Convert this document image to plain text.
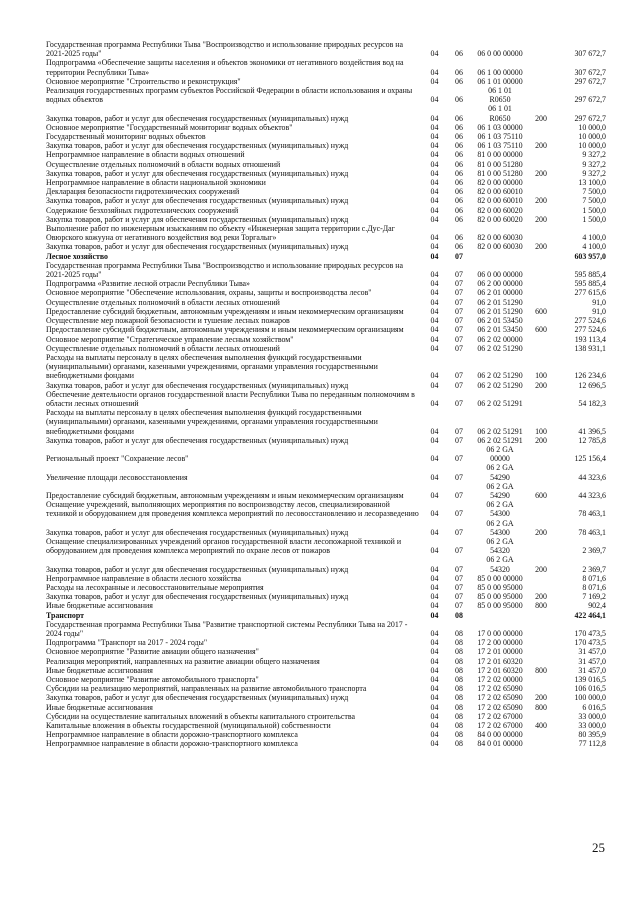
Государственная программа Республики Тыва "Воспроизводство и использование природных ресурсов на 2021-2025 годы"	04	06	06 0 00 00000		307 672,7
Подпрограмма «Обеспечение защиты населения и объектов экономики от негативного воздействия вод на территории Республики Тыва»	04	06	06 1 00 00000		307 672,7
Основное мероприятие "Строительство и реконструкция"	04	06	06 1 01 00000		297 672,7
Реализация государственных программ субъектов Российской Федерации в области использования и охраны водных объектов	04	06	06 1 01
R0650		297 672,7
Закупка товаров, работ и услуг для обеспечения государственных (муниципальных) нужд	04	06	06 1 01
R0650	200	297 672,7
Основное мероприятие "Государственный мониторинг водных объектов"	04	06	06 1 03 00000		10 000,0
Государственный мониторинг водных объектов	04	06	06 1 03 75110		10 000,0
Закупка товаров, работ и услуг для обеспечения государственных (муниципальных) нужд	04	06	06 1 03 75110	200	10 000,0
Непрограммное направление в области водных отношений	04	06	81 0 00 00000		9 327,2
Осуществление отдельных полномочий в области водных отношений	04	06	81 0 00 51280		9 327,2
Закупка товаров, работ и услуг для обеспечения государственных (муниципальных) нужд	04	06	81 0 00 51280	200	9 327,2
Непрограммное направление в области национальной экономики	04	06	82 0 00 00000		13 100,0
Декларация безопасности гидротехнических сооружений	04	06	82 0 00 60010		7 500,0
Закупка товаров, работ и услуг для обеспечения государственных (муниципальных) нужд	04	06	82 0 00 60010	200	7 500,0
Содержание безхозяйных гидротехнических сооружений	04	06	82 0 00 60020		1 500,0
Закупка товаров, работ и услуг для обеспечения государственных (муниципальных) нужд	04	06	82 0 00 60020	200	1 500,0
Выполнение работ по инженерным изысканиям по объекту «Инженерная защита территории с.Дус-Даг Овюрского кожууна от негативного воздействия вод реки Торгалыг»	04	06	82 0 00 60030		4 100,0
Закупка товаров, работ и услуг для обеспечения государственных (муниципальных) нужд	04	06	82 0 00 60030	200	4 100,0
Лесное хозяйство	04	07			603 957,0
Государственная программа Республики Тыва "Воспроизводство и использование природных ресурсов на 2021-2025 годы"	04	07	06 0 00 00000		595 885,4
Подпрограмма «Развитие лесной отрасли Республики Тыва»	04	07	06 2 00 00000		595 885,4
Основное мероприятие "Обеспечение использования, охраны, защиты и воспроизводства лесов"	04	07	06 2 01 00000		277 615,6
Осуществление отдельных полномочий в области лесных отношений	04	07	06 2 01 51290		91,0
Предоставление субсидий бюджетным, автономным учреждениям и иным некоммерческим организациям	04	07	06 2 01 51290	600	91,0
Осуществление мер пожарной безопасности и тушение лесных пожаров	04	07	06 2 01 53450		277 524,6
Предоставление субсидий бюджетным, автономным учреждениям и иным некоммерческим организациям	04	07	06 2 01 53450	600	277 524,6
Основное мероприятие "Стратегическое управление лесным хозяйством"	04	07	06 2 02 00000		193 113,4
Осуществление отдельных полномочий в области лесных отношений	04	07	06 2 02 51290		138 931,1
Расходы на выплаты персоналу в целях обеспечения выполнения функций государственными (муниципальными) органами, казенными учреждениями, органами управления государственными внебюджетными фондами	04	07	06 2 02 51290	100	126 234,6
Закупка товаров, работ и услуг для обеспечения государственных (муниципальных) нужд	04	07	06 2 02 51290	200	12 696,5
Обеспечение деятельности органов государственной власти Республики Тыва по переданным полномочиям в области лесных отношений	04	07	06 2 02 51291		54 182,3
Расходы на выплаты персоналу в целях обеспечения выполнения функций государственными (муниципальными) органами, казенными учреждениями, органами управления государственными внебюджетными фондами	04	07	06 2 02 51291	100	41 396,5
Закупка товаров, работ и услуг для обеспечения государственных (муниципальных) нужд	04	07	06 2 02 51291	200	12 785,8
Региональный проект "Сохранение лесов"	04	07	06 2 GA
00000		125 156,4
Увеличение площади лесовосстановления	04	07	06 2 GA
54290		44 323,6
Предоставление субсидий бюджетным, автономным учреждениям и иным некоммерческим организациям	04	07	06 2 GA
54290	600	44 323,6
Оснащение учреждений, выполняющих мероприятия по воспроизводству лесов, специализированной техникой и оборудованием для проведения комплекса мероприятий по лесовосстановлению и лесоразведению	04	07	06 2 GA
54300		78 463,1
Закупка товаров, работ и услуг для обеспечения государственных (муниципальных) нужд	04	07	06 2 GA
54300	200	78 463,1
Оснащение специализированных учреждений органов государственной власти лесопожарной техникой и оборудованием для проведения комплекса мероприятий по охране лесов от пожаров	04	07	06 2 GA
54320		2 369,7
Закупка товаров, работ и услуг для обеспечения государственных (муниципальных) нужд	04	07	06 2 GA
54320	200	2 369,7
Непрограммное направление в области лесного хозяйства	04	07	85 0 00 00000		8 071,6
Расходы на лесохранные и лесовосстановительные мероприятия	04	07	85 0 00 95000		8 071,6
Закупка товаров, работ и услуг для обеспечения государственных (муниципальных) нужд	04	07	85 0 00 95000	200	7 169,2
Иные бюджетные ассигнования	04	07	85 0 00 95000	800	902,4
Транспорт	04	08			422 464,1
Государственная программа Республики Тыва "Развитие транспортной системы Республики Тыва на 2017 - 2024 годы"	04	08	17 0 00 00000		170 473,5
Подпрограмма "Транспорт на 2017 - 2024 годы"	04	08	17 2 00 00000		170 473,5
Основное мероприятие "Развитие авиации общего назначения"	04	08	17 2 01 00000		31 457,0
Реализация мероприятий, направленных на развитие авиации общего назначения	04	08	17 2 01 60320		31 457,0
Иные бюджетные ассигнования	04	08	17 2 01 60320	800	31 457,0
Основное мероприятие "Развитие автомобильного транспорта"	04	08	17 2 02 00000		139 016,5
Субсидии на реализацию мероприятий, направленных на развитие автомобильного транспорта	04	08	17 2 02 65090		106 016,5
Закупка товаров, работ и услуг для обеспечения государственных (муниципальных) нужд	04	08	17 2 02 65090	200	100 000,0
Иные бюджетные ассигнования	04	08	17 2 02 65090	800	6 016,5
Субсидии на осуществление капитальных вложений в объекты капитального строительства	04	08	17 2 02 67000		33 000,0
Капитальные вложения в объекты государственной (муниципальной) собственности	04	08	17 2 02 67000	400	33 000,0
Непрограммное направление в области дорожно-транспортного комплекса	04	08	84 0 00 00000		80 395,9
Непрограммное направление в области дорожно-транспортного комплекса	04	08	84 0 01 00000		77 112,8
25
